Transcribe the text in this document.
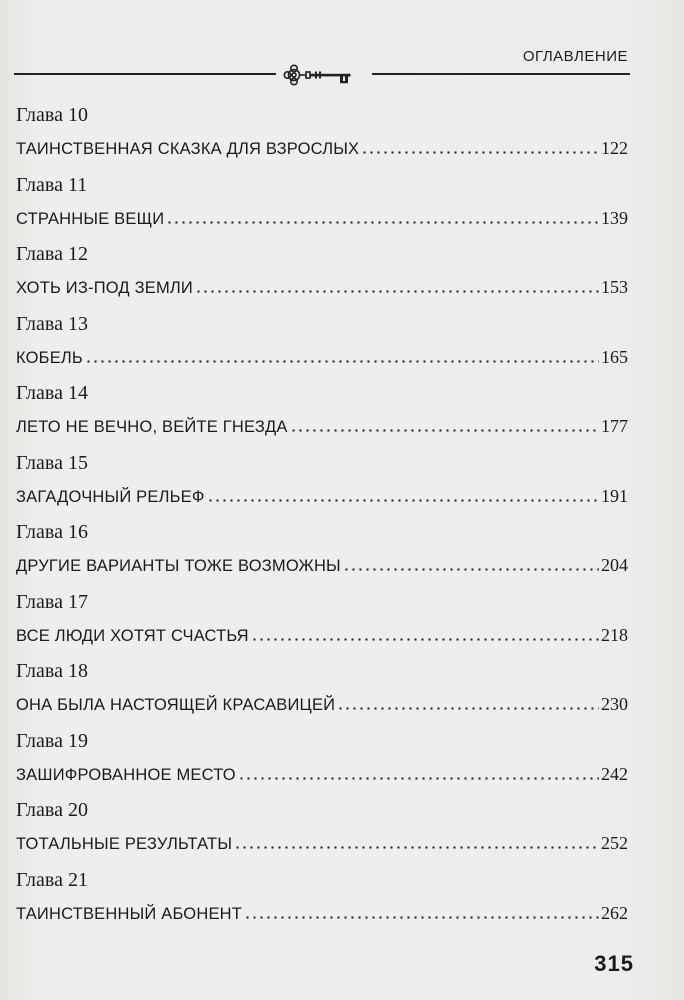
ОГЛАВЛЕНИЕ
Глава 10
ТАИНСТВЕННАЯ СКАЗКА ДЛЯ ВЗРОСЛЫХ	122
Глава 11
СТРАННЫЕ ВЕЩИ	139
Глава 12
ХОТЬ ИЗ-ПОД ЗЕМЛИ	153
Глава 13
КОБЕЛЬ	165
Глава 14
ЛЕТО НЕ ВЕЧНО, ВЕЙТЕ ГНЕЗДА	177
Глава 15
ЗАГАДОЧНЫЙ РЕЛЬЕФ	191
Глава 16
ДРУГИЕ ВАРИАНТЫ ТОЖЕ ВОЗМОЖНЫ	204
Глава 17
ВСЕ ЛЮДИ ХОТЯТ СЧАСТЬЯ	218
Глава 18
ОНА БЫЛА НАСТОЯЩЕЙ КРАСАВИЦЕЙ	230
Глава 19
ЗАШИФРОВАННОЕ МЕСТО	242
Глава 20
ТОТАЛЬНЫЕ РЕЗУЛЬТАТЫ	252
Глава 21
ТАИНСТВЕННЫЙ АБОНЕНТ	262
315
